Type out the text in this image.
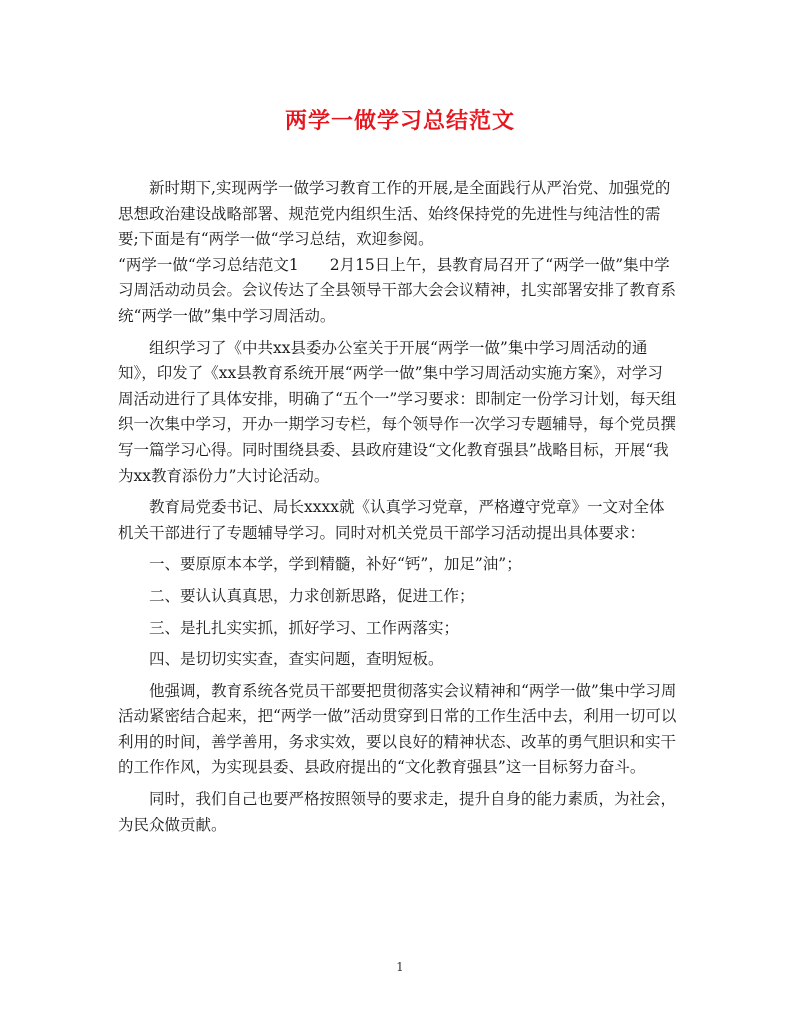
两学一做学习总结范文

新时期下,实现两学一做学习教育工作的开展,是全面践行从严治党、加强党的思想政治建设战略部署、规范党内组织生活、始终保持党的先进性与纯洁性的需要;下面是有“两学一做“学习总结，欢迎参阅。

“两学一做“学习总结范文1　　2月15日上午，县教育局召开了“两学一做”集中学习周活动动员会。会议传达了全县领导干部大会会议精神，扎实部署安排了教育系统“两学一做”集中学习周活动。

组织学习了《中共xx县委办公室关于开展“两学一做”集中学习周活动的通知》，印发了《xx县教育系统开展“两学一做”集中学习周活动实施方案》，对学习周活动进行了具体安排，明确了“五个一”学习要求：即制定一份学习计划，每天组织一次集中学习，开办一期学习专栏，每个领导作一次学习专题辅导，每个党员撰写一篇学习心得。同时围绕县委、县政府建设“文化教育强县”战略目标，开展“我为xx教育添份力”大讨论活动。

教育局党委书记、局长xxxx就《认真学习党章，严格遵守党章》一文对全体机关干部进行了专题辅导学习。同时对机关党员干部学习活动提出具体要求：

一、要原原本本学，学到精髓，补好“钙”，加足”油”；

二、要认认真真思，力求创新思路，促进工作；

三、是扎扎实实抓，抓好学习、工作两落实；

四、是切切实实查，查实问题，查明短板。

他强调，教育系统各党员干部要把贯彻落实会议精神和“两学一做”集中学习周活动紧密结合起来，把“两学一做”活动贯穿到日常的工作生活中去，利用一切可以利用的时间，善学善用，务求实效，要以良好的精神状态、改革的勇气胆识和实干的工作作风，为实现县委、县政府提出的“文化教育强县”这一目标努力奋斗。

同时，我们自己也要严格按照领导的要求走，提升自身的能力素质，为社会，为民众做贡献。

1
